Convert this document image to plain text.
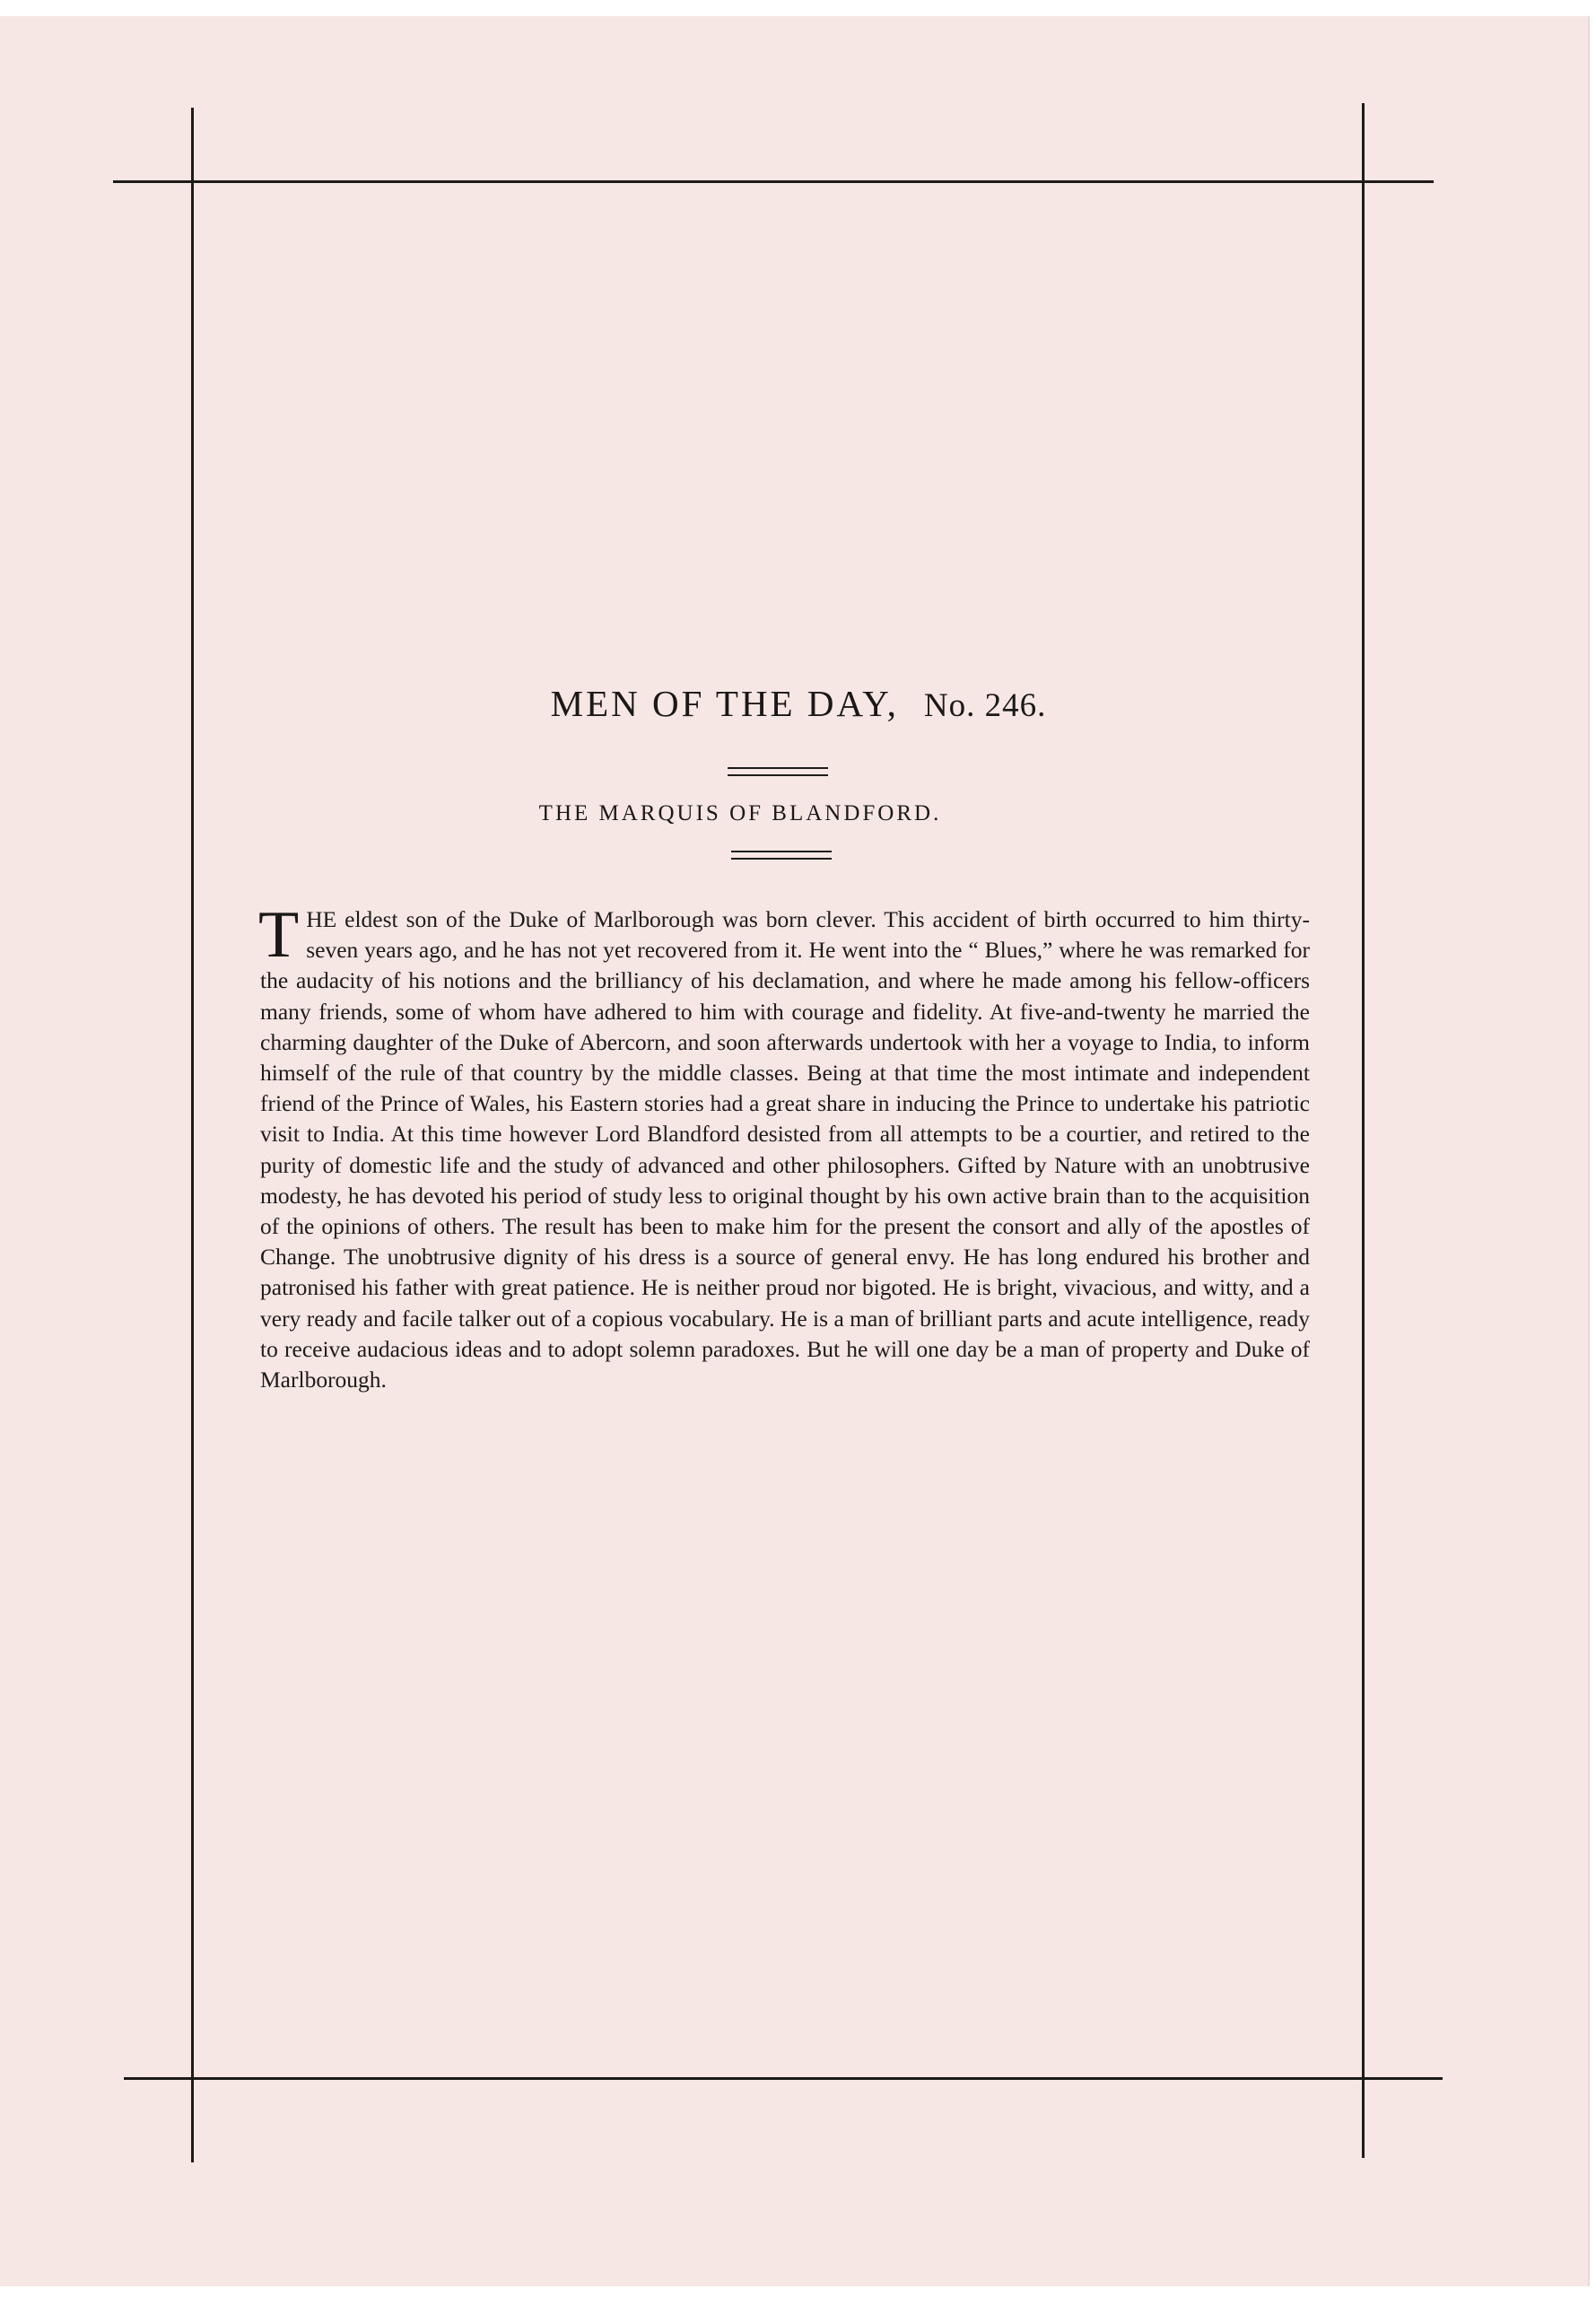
MEN OF THE DAY, No. 246.
THE MARQUIS OF BLANDFORD.

THE eldest son of the Duke of Marlborough was born clever. This accident of birth occurred to him thirty-seven years ago, and he has not yet recovered from it. He went into the “ Blues,” where he was remarked for the audacity of his notions and the brilliancy of his declamation, and where he made among his fellow-officers many friends, some of whom have adhered to him with courage and fidelity. At five-and-twenty he married the charming daughter of the Duke of Abercorn, and soon afterwards undertook with her a voyage to India, to inform himself of the rule of that country by the middle classes. Being at that time the most intimate and independent friend of the Prince of Wales, his Eastern stories had a great share in inducing the Prince to undertake his patriotic visit to India. At this time however Lord Blandford desisted from all attempts to be a courtier, and retired to the purity of domestic life and the study of advanced and other philosophers. Gifted by Nature with an unobtrusive modesty, he has devoted his period of study less to original thought by his own active brain than to the acquisition of the opinions of others. The result has been to make him for the present the consort and ally of the apostles of Change. The unobtrusive dignity of his dress is a source of general envy. He has long endured his brother and patronised his father with great patience. He is neither proud nor bigoted. He is bright, vivacious, and witty, and a very ready and facile talker out of a copious vocabulary. He is a man of brilliant parts and acute intelligence, ready to receive audacious ideas and to adopt solemn paradoxes. But he will one day be a man of property and Duke of Marlborough.
